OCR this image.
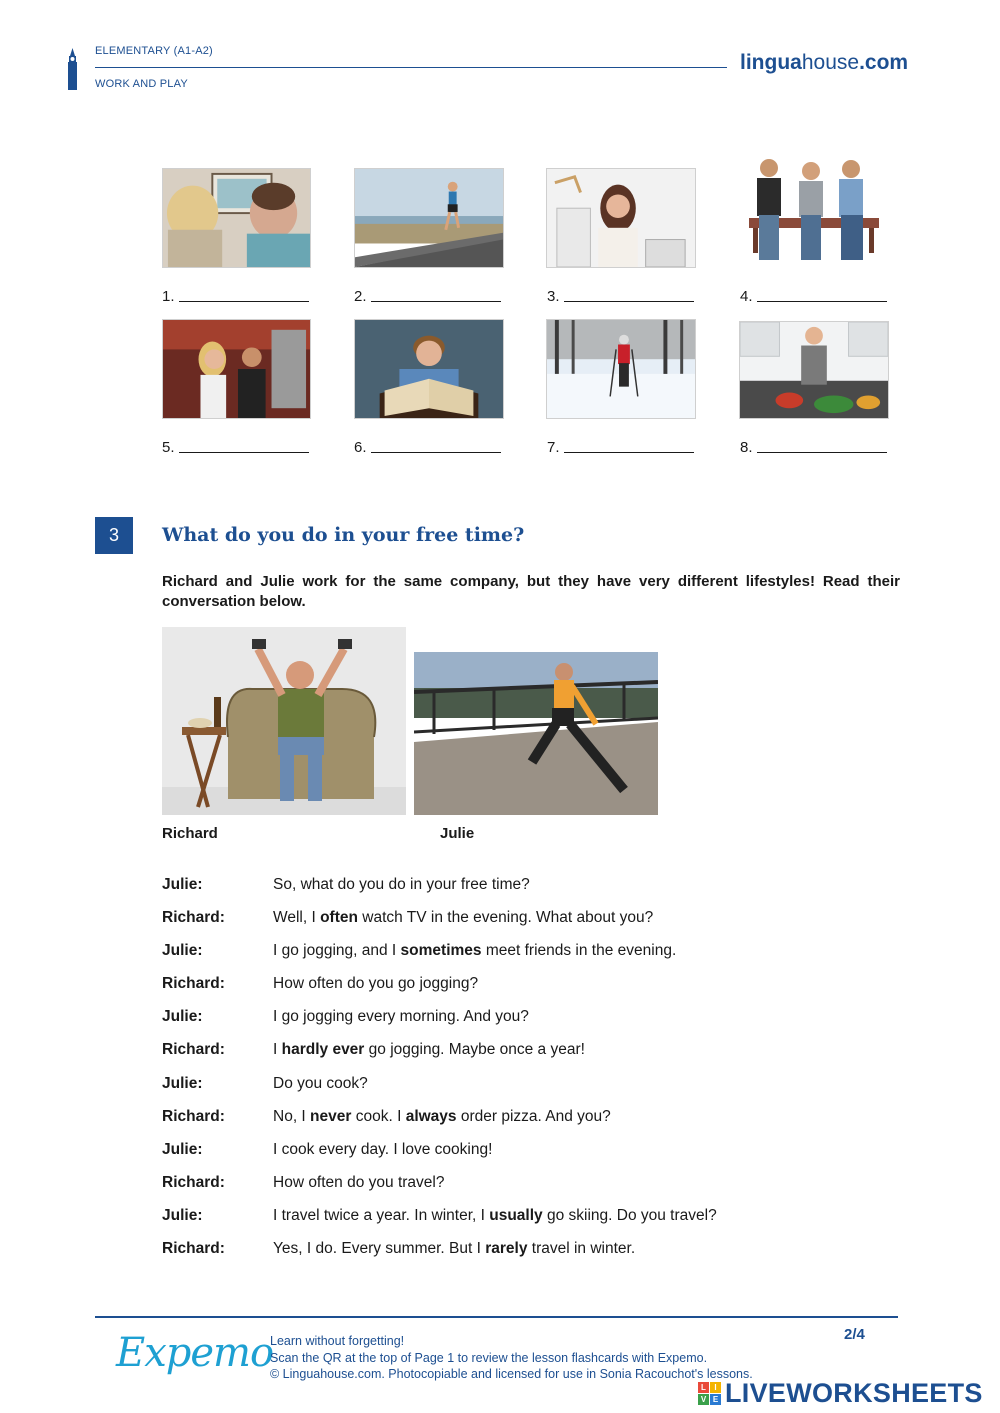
ELEMENTARY (A1-A2)
WORK AND PLAY
linguahouse.com
1.	2.	3.	4.
5.	6.	7.	8.
3	What do you do in your free time?
Richard and Julie work for the same company, but they have very different lifestyles! Read their conversation below.
Richard	Julie
Julie:	So, what do you do in your free time?
Richard:	Well, I often watch TV in the evening. What about you?
Julie:	I go jogging, and I sometimes meet friends in the evening.
Richard:	How often do you go jogging?
Julie:	I go jogging every morning. And you?
Richard:	I hardly ever go jogging. Maybe once a year!
Julie:	Do you cook?
Richard:	No, I never cook. I always order pizza. And you?
Julie:	I cook every day. I love cooking!
Richard:	How often do you travel?
Julie:	I travel twice a year. In winter, I usually go skiing. Do you travel?
Richard:	Yes, I do. Every summer. But I rarely travel in winter.
Expemo
Learn without forgetting!
Scan the QR at the top of Page 1 to review the lesson flashcards with Expemo.
© Linguahouse.com. Photocopiable and licensed for use in Sonia Racouchot's lessons.
2/4
L	I
V E LIVEWORKSHEETS
